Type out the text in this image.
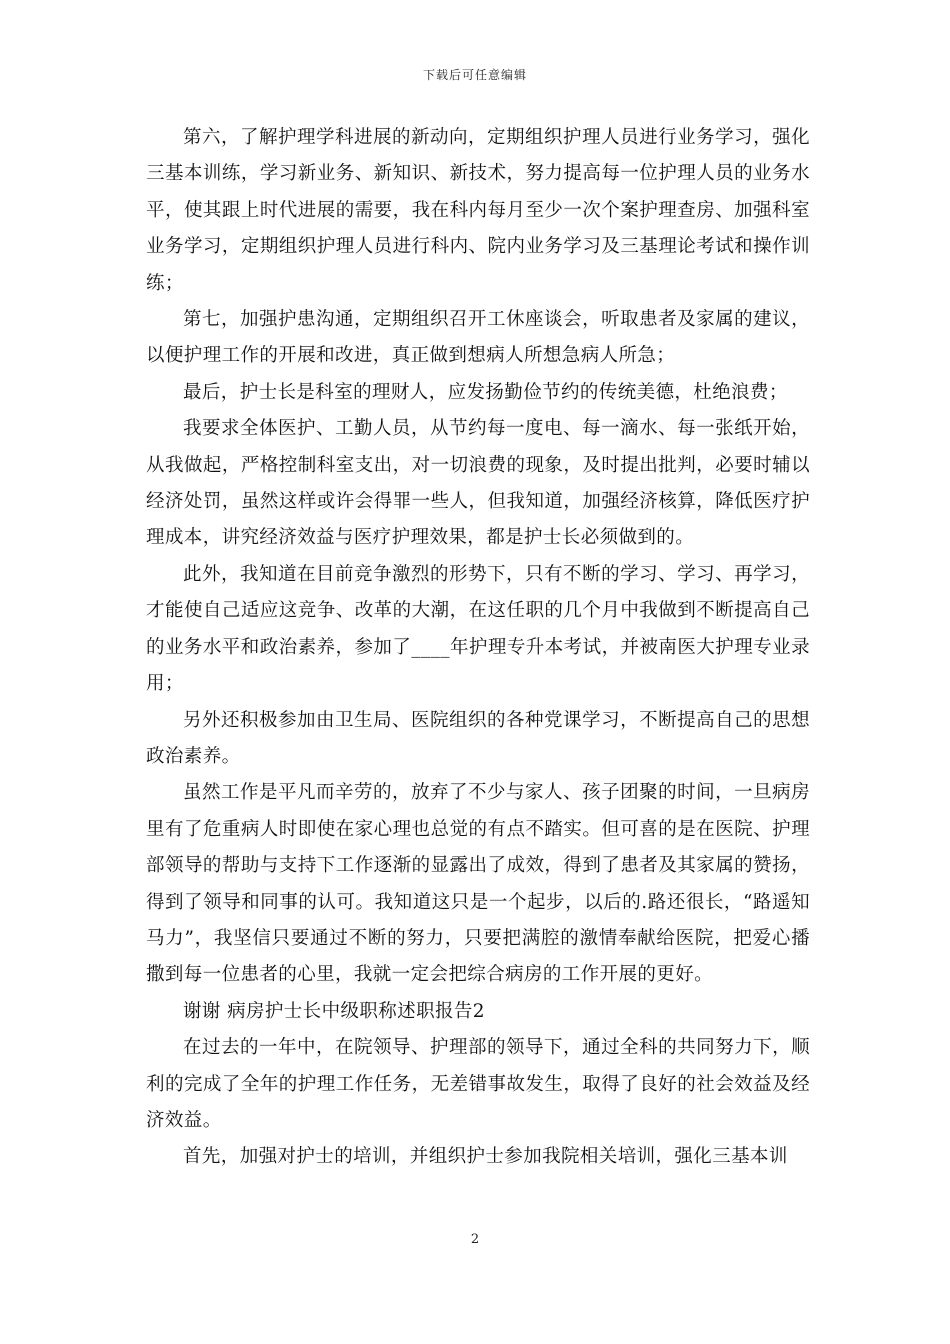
下载后可任意编辑

第六，了解护理学科进展的新动向，定期组织护理人员进行业务学习，强化三基本训练，学习新业务、新知识、新技术，努力提高每一位护理人员的业务水平，使其跟上时代进展的需要，我在科内每月至少一次个案护理查房、加强科室业务学习，定期组织护理人员进行科内、院内业务学习及三基理论考试和操作训练；

第七，加强护患沟通，定期组织召开工休座谈会，听取患者及家属的建议，以便护理工作的开展和改进，真正做到想病人所想急病人所急；

最后，护士长是科室的理财人，应发扬勤俭节约的传统美德，杜绝浪费；

我要求全体医护、工勤人员，从节约每一度电、每一滴水、每一张纸开始，从我做起，严格控制科室支出，对一切浪费的现象，及时提出批判，必要时辅以经济处罚，虽然这样或许会得罪一些人，但我知道，加强经济核算，降低医疗护理成本，讲究经济效益与医疗护理效果，都是护士长必须做到的。

此外，我知道在目前竞争激烈的形势下，只有不断的学习、学习、再学习，才能使自己适应这竞争、改革的大潮，在这任职的几个月中我做到不断提高自己的业务水平和政治素养，参加了____年护理专升本考试，并被南医大护理专业录用；

另外还积极参加由卫生局、医院组织的各种党课学习，不断提高自己的思想政治素养。

虽然工作是平凡而辛劳的，放弃了不少与家人、孩子团聚的时间，一旦病房里有了危重病人时即使在家心理也总觉的有点不踏实。但可喜的是在医院、护理部领导的帮助与支持下工作逐渐的显露出了成效，得到了患者及其家属的赞扬，得到了领导和同事的认可。我知道这只是一个起步，以后的.路还很长，“路遥知马力”，我坚信只要通过不断的努力，只要把满腔的激情奉献给医院，把爱心播撒到每一位患者的心里，我就一定会把综合病房的工作开展的更好。

谢谢 病房护士长中级职称述职报告2

在过去的一年中，在院领导、护理部的领导下，通过全科的共同努力下，顺利的完成了全年的护理工作任务，无差错事故发生，取得了良好的社会效益及经济效益。

首先，加强对护士的培训，并组织护士参加我院相关培训，强化三基本训

2
